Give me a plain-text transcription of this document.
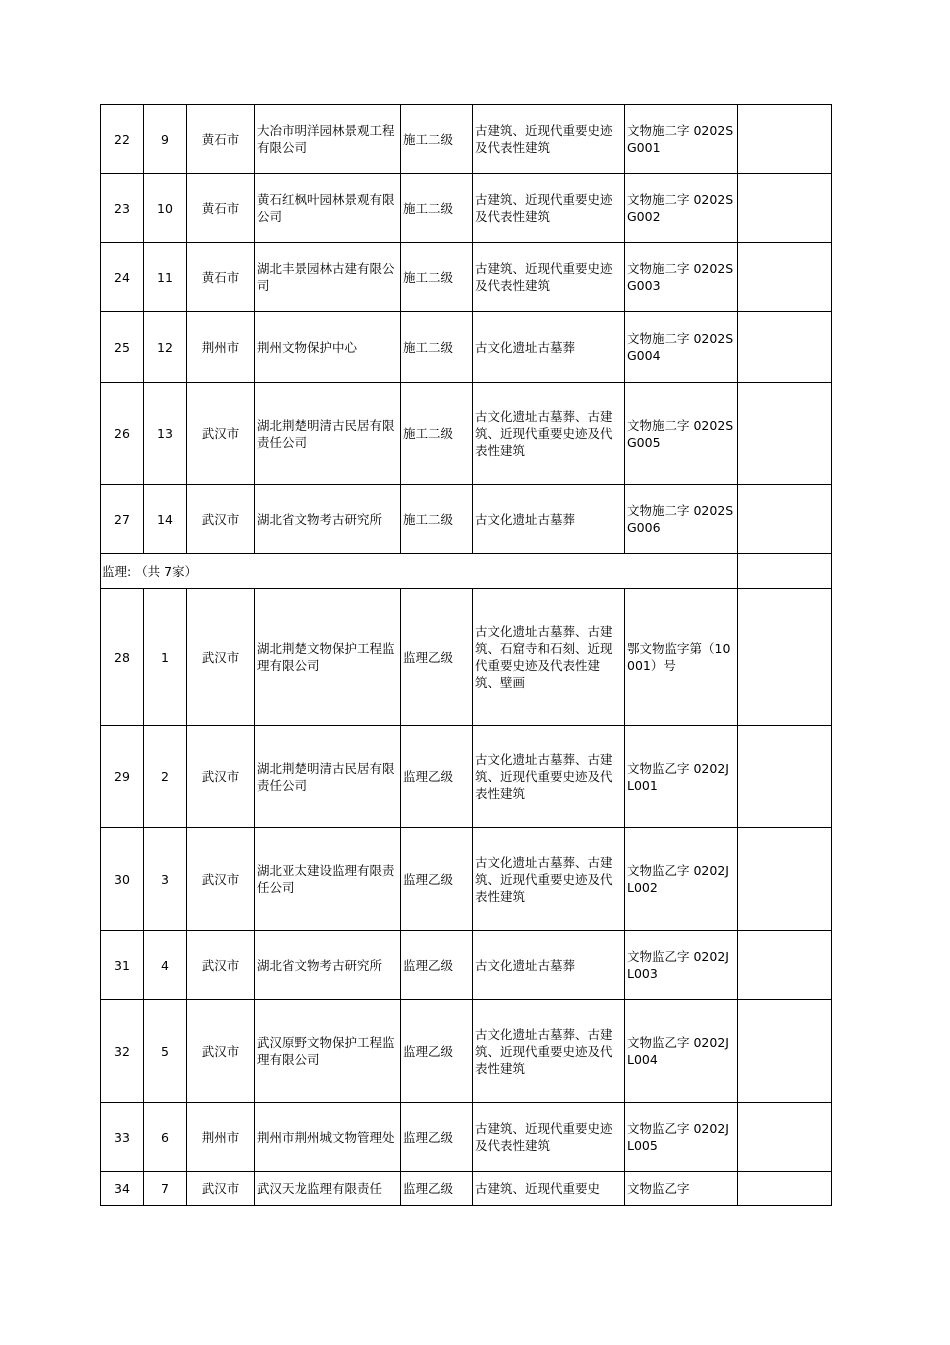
22	9	黄石市	大冶市明洋园林景观工程有限公司	施工二级	古建筑、近现代重要史迹及代表性建筑	文物施二字 0202SG001	
23	10	黄石市	黄石红枫叶园林景观有限公司	施工二级	古建筑、近现代重要史迹及代表性建筑	文物施二字 0202SG002	
24	11	黄石市	湖北丰景园林古建有限公司	施工二级	古建筑、近现代重要史迹及代表性建筑	文物施二字 0202SG003	
25	12	荆州市	荆州文物保护中心	施工二级	古文化遗址古墓葬	文物施二字 0202SG004	
26	13	武汉市	湖北荆楚明清古民居有限责任公司	施工二级	古文化遗址古墓葬、古建筑、近现代重要史迹及代表性建筑	文物施二字 0202SG005	
27	14	武汉市	湖北省文物考古研究所	施工二级	古文化遗址古墓葬	文物施二字 0202SG006	
监理: （共 7家）							
28	1	武汉市	湖北荆楚文物保护工程监理有限公司	监理乙级	古文化遗址古墓葬、古建筑、石窟寺和石刻、近现代重要史迹及代表性建筑、壁画	鄂文物监字第（10001）号	
29	2	武汉市	湖北荆楚明清古民居有限责任公司	监理乙级	古文化遗址古墓葬、古建筑、近现代重要史迹及代表性建筑	文物监乙字 0202JL001	
30	3	武汉市	湖北亚太建设监理有限责任公司	监理乙级	古文化遗址古墓葬、古建筑、近现代重要史迹及代表性建筑	文物监乙字 0202JL002	
31	4	武汉市	湖北省文物考古研究所	监理乙级	古文化遗址古墓葬	文物监乙字 0202JL003	
32	5	武汉市	武汉原野文物保护工程监理有限公司	监理乙级	古文化遗址古墓葬、古建筑、近现代重要史迹及代表性建筑	文物监乙字 0202JL004	
33	6	荆州市	荆州市荆州城文物管理处	监理乙级	古建筑、近现代重要史迹及代表性建筑	文物监乙字 0202JL005	
34	7	武汉市	武汉天龙监理有限责任	监理乙级	古建筑、近现代重要史	文物监乙字	
